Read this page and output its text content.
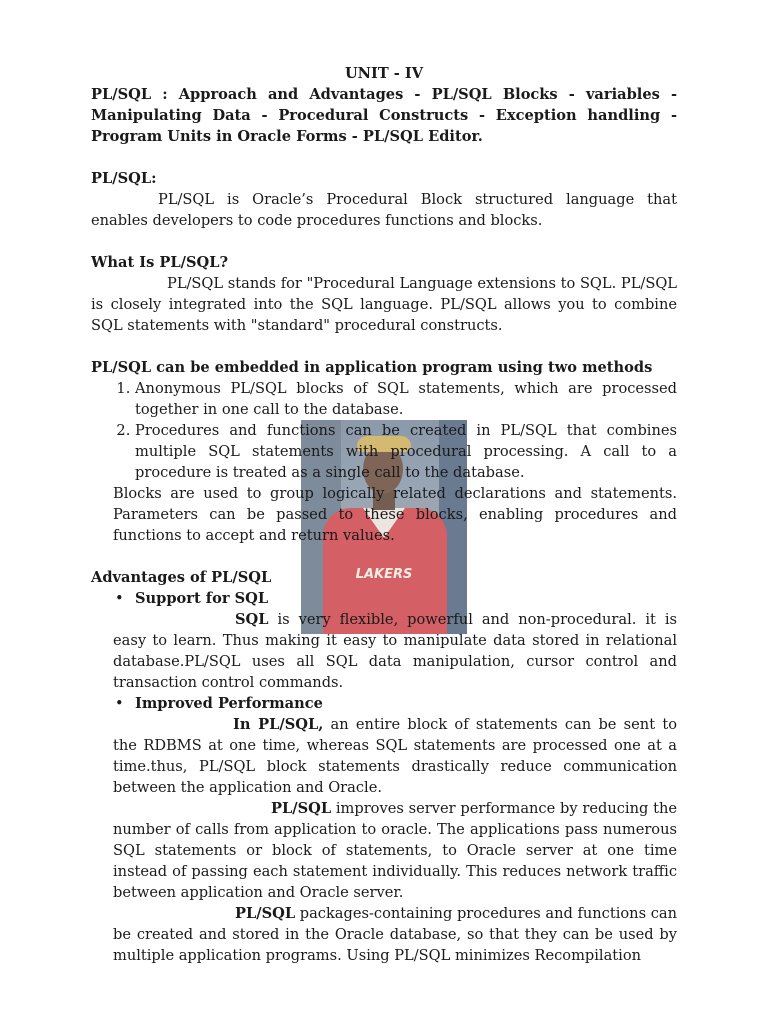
LAKERS

UNIT - IV

PL/SQL : Approach and Advantages - PL/SQL Blocks - variables - Manipulating Data - Procedural Constructs - Exception handling - Program Units in Oracle Forms - PL/SQL Editor.

PL/SQL:

PL/SQL is Oracle’s Procedural Block structured language that enables developers to code procedures functions and blocks.

What Is PL/SQL?

PL/SQL stands for "Procedural Language extensions to SQL. PL/SQL is closely integrated into the SQL language. PL/SQL allows you to combine SQL statements with "standard" procedural constructs.

PL/SQL can be embedded in application program using two methods

1. Anonymous PL/SQL blocks of SQL statements, which are processed together in one call to the database.
2. Procedures and functions can be created in PL/SQL that combines multiple SQL statements with procedural processing. A call to a procedure is treated as a single call to the database.

Blocks are used to group logically related declarations and statements. Parameters can be passed to these blocks, enabling procedures and functions to accept and return values.

Advantages of PL/SQL

• Support for SQL

SQL is very flexible, powerful and non-procedural. it is easy to learn. Thus making it easy to manipulate data stored in relational database.PL/SQL uses all SQL data manipulation, cursor control and transaction control commands.

• Improved Performance

In PL/SQL, an entire block of statements can be sent to the RDBMS at one time, whereas SQL statements are processed one at a time.thus, PL/SQL block statements drastically reduce communication between the application and Oracle.

PL/SQL improves server performance by reducing the number of calls from application to oracle. The applications pass numerous SQL statements or block of statements, to Oracle server at one time instead of passing each statement individually. This reduces network traffic between application and Oracle server.

PL/SQL packages-containing procedures and functions can be created and stored in the Oracle database, so that they can be used by multiple application programs. Using PL/SQL minimizes Recompilation
